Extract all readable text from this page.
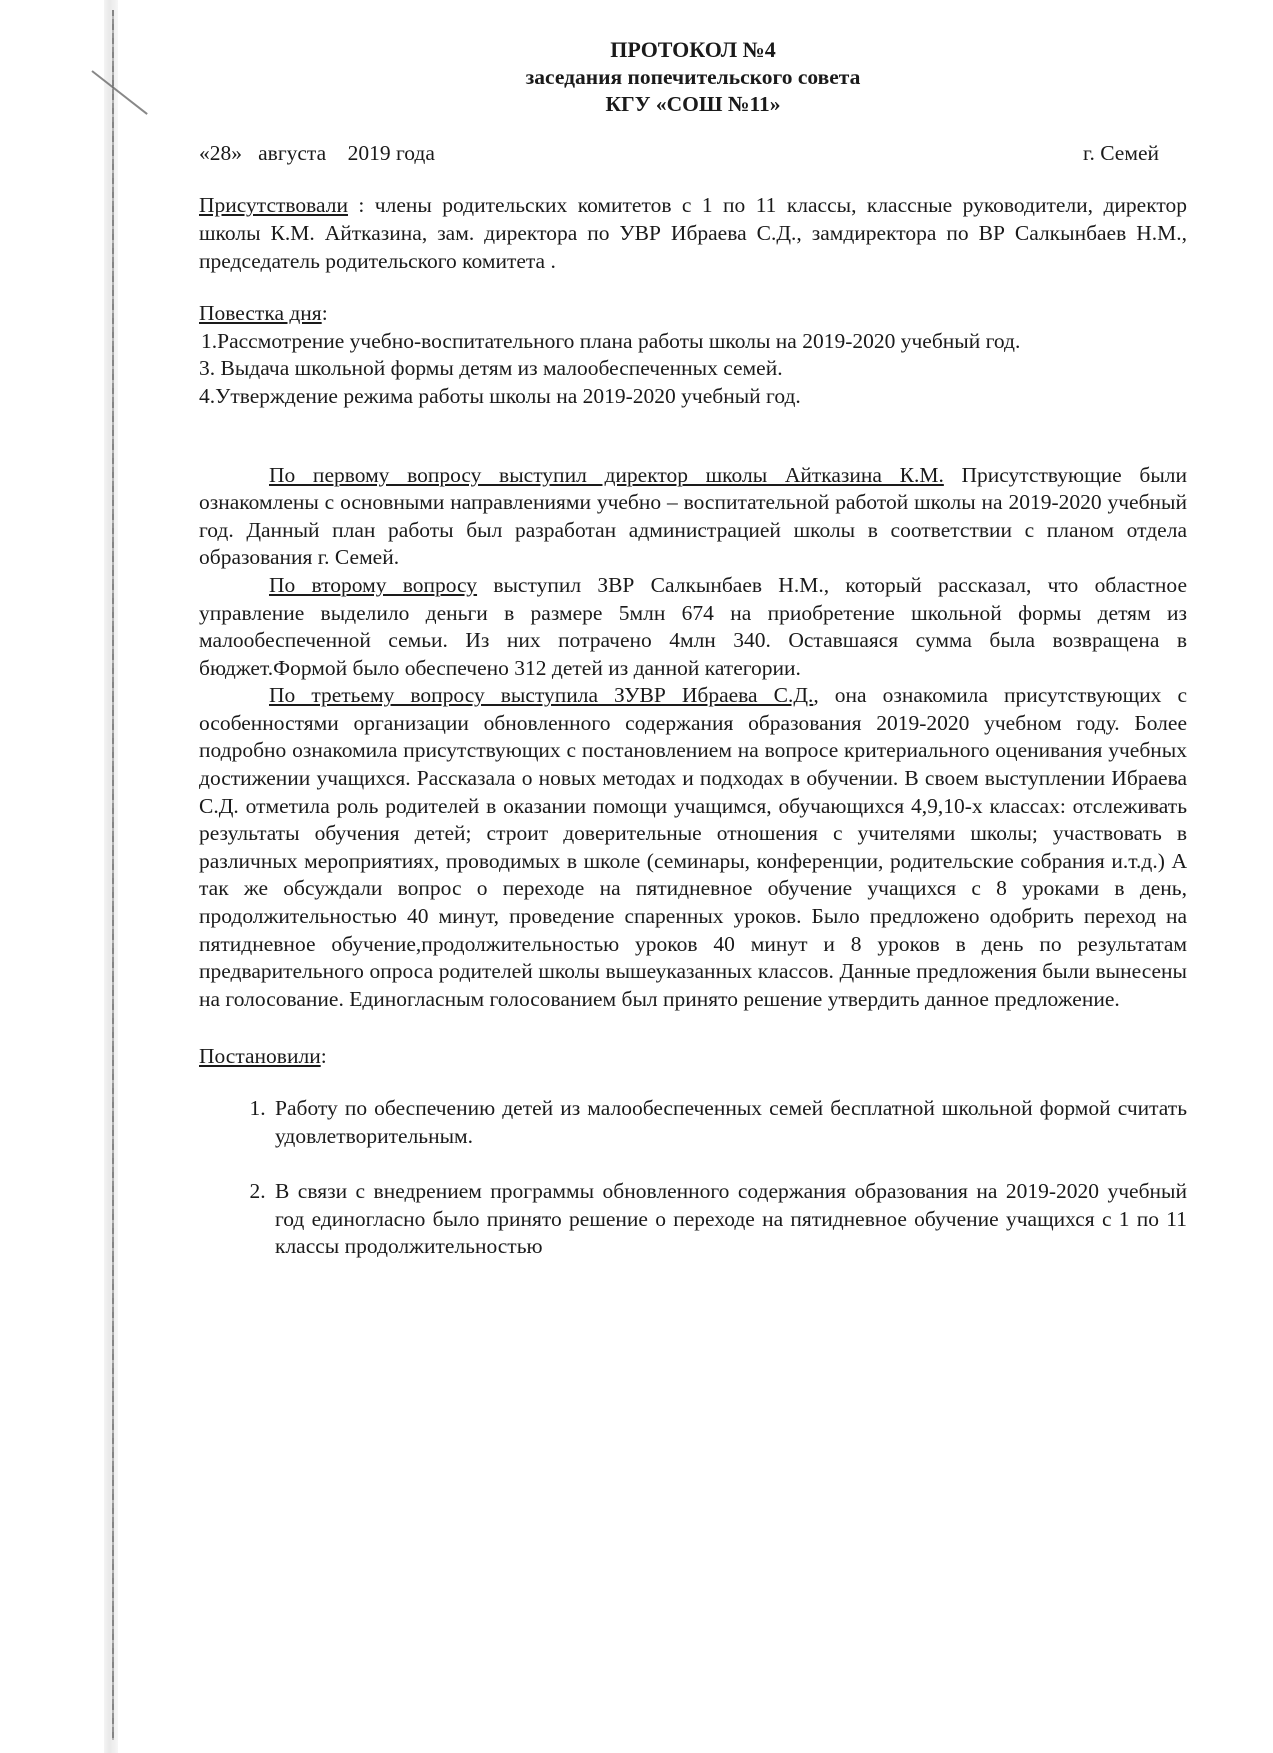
ПРОТОКОЛ №4

заседания попечительского совета

КГУ «СОШ №11»

«28» августа 2019 года	г. Семей

Присутствовали : члены родительских комитетов с 1 по 11 классы, классные руководители, директор школы К.М. Айтказина, зам. директора по УВР Ибраева С.Д., замдиректора по ВР Салкынбаев Н.М., председатель родительского комитета .

Повестка дня:
1.Рассмотрение учебно-воспитательного плана работы школы на 2019-2020 учебный год.
3. Выдача школьной формы детям из малообеспеченных семей.
4.Утверждение режима работы школы на 2019-2020 учебный год.

По первому вопросу выступил директор школы Айтказина К.М. Присутствующие были ознакомлены с основными направлениями учебно – воспитательной работой школы на 2019-2020 учебный год. Данный план работы был разработан администрацией школы в соответствии с планом отдела образования г. Семей.

По второму вопросу выступил ЗВР Салкынбаев Н.М., который рассказал, что областное управление выделило деньги в размере 5млн 674 на приобретение школьной формы детям из малообеспеченной семьи. Из них потрачено 4млн 340. Оставшаяся сумма была возвращена в бюджет.Формой было обеспечено 312 детей из данной категории.

По третьему вопросу выступила ЗУВР Ибраева С.Д., она ознакомила присутствующих с особенностями организации обновленного содержания образования 2019-2020 учебном году. Более подробно ознакомила присутствующих с постановлением на вопросе критериального оценивания учебных достижении учащихся. Рассказала о новых методах и подходах в обучении. В своем выступлении Ибраева С.Д. отметила роль родителей в оказании помощи учащимся, обучающихся 4,9,10-х классах: отслеживать результаты обучения детей; строит доверительные отношения с учителями школы; участвовать в различных мероприятиях, проводимых в школе (семинары, конференции, родительские собрания и.т.д.) А так же обсуждали вопрос о переходе на пятидневное обучение учащихся с 8 уроками в день, продолжительностью 40 минут, проведение спаренных уроков. Было предложено одобрить переход на пятидневное обучение,продолжительностью уроков 40 минут и 8 уроков в день по результатам предварительного опроса родителей школы вышеуказанных классов. Данные предложения были вынесены на голосование. Единогласным голосованием был принято решение утвердить данное предложение.

Постановили:

1. Работу по обеспечению детей из малообеспеченных семей бесплатной школьной формой считать удовлетворительным.
2. В связи с внедрением программы обновленного содержания образования на 2019-2020 учебный год единогласно было принято решение о переходе на пятидневное обучение учащихся с 1 по 11 классы продолжительностью
